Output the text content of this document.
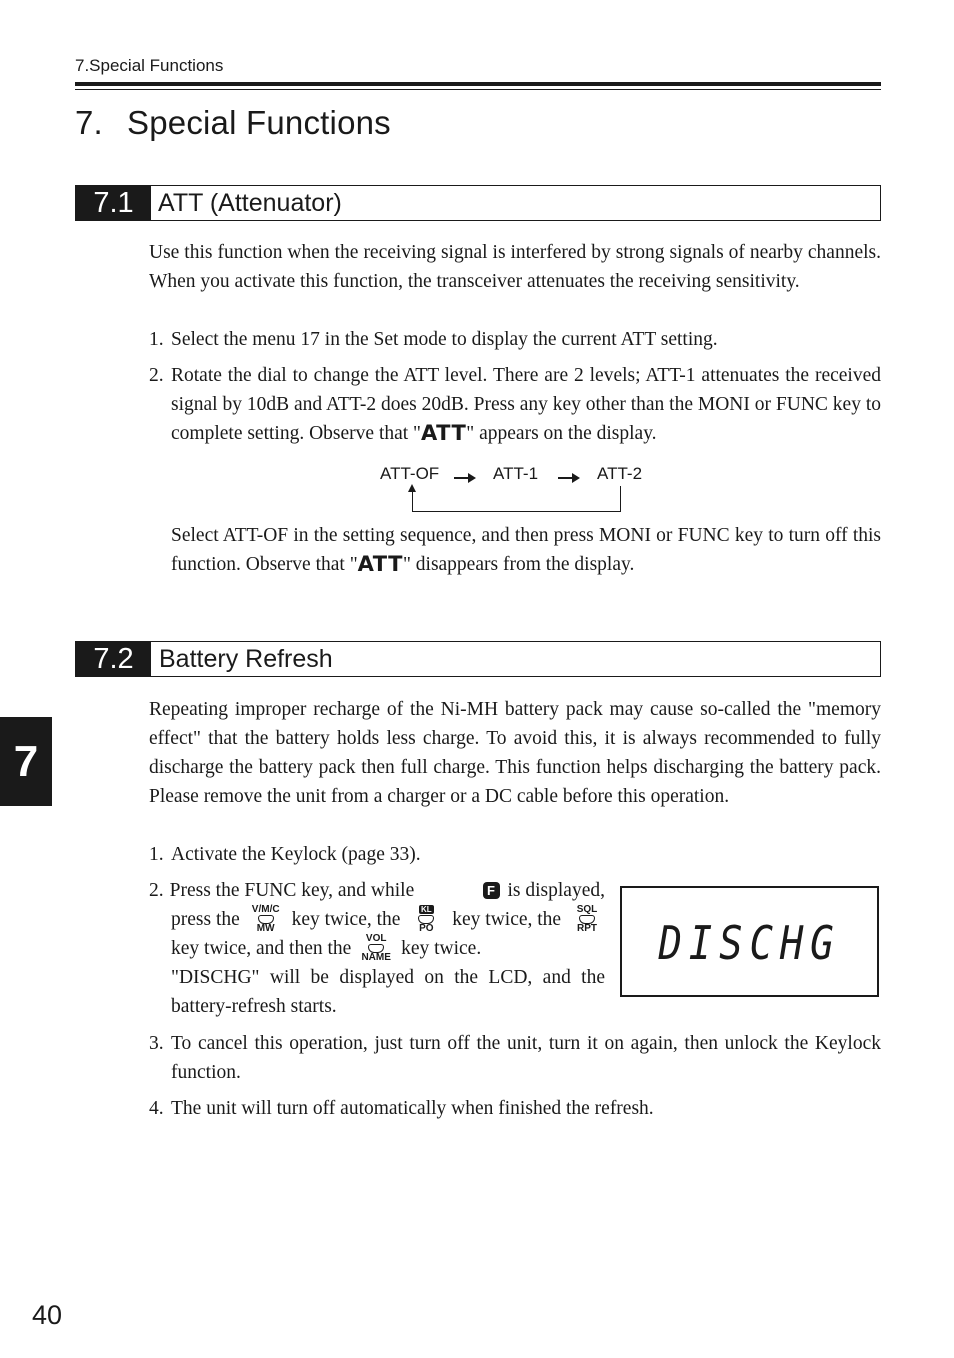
7.Special Functions
7. Special Functions
7.1 ATT (Attenuator)

Use this function when the receiving signal is interfered by strong signals of nearby channels. When you activate this function, the transceiver attenuates the receiving sensitivity.

1. Select the menu 17 in the Set mode to display the current ATT setting.
2. Rotate the dial to change the ATT level. There are 2 levels; ATT-1 attenuates the received signal by 10dB and ATT-2 does 20dB. Press any key other than the MONI or FUNC key to complete setting. Observe that "ATT" appears on the display.
ATT-OF	ATT-1	ATT-2
Select ATT-OF in the setting sequence, and then press MONI or FUNC key to turn off this function. Observe that "ATT" disappears from the display.
7.2	Battery Refresh

Repeating improper recharge of the Ni-MH battery pack may cause so-called the "memory effect" that the battery holds less charge. To avoid this, it is always recommended to fully discharge the battery pack then full charge. This function helps discharging the battery pack. Please remove the unit from a charger or a DC cable before this operation.

1. Activate the Keylock (page 33).
2. Press the FUNC key, and while	F is displayed,
press the	V/M/C
MW key twice, the	KL
PO key twice, the	SQL
RPT
key twice, and then the	VOL
NAME key twice.
"DISCHG" will be displayed on the LCD, and the battery-refresh starts.
DISCHG
3. To cancel this operation, just turn off the unit, turn it on again, then unlock the Keylock function.
4. The unit will turn off automatically when finished the refresh.
7
40
